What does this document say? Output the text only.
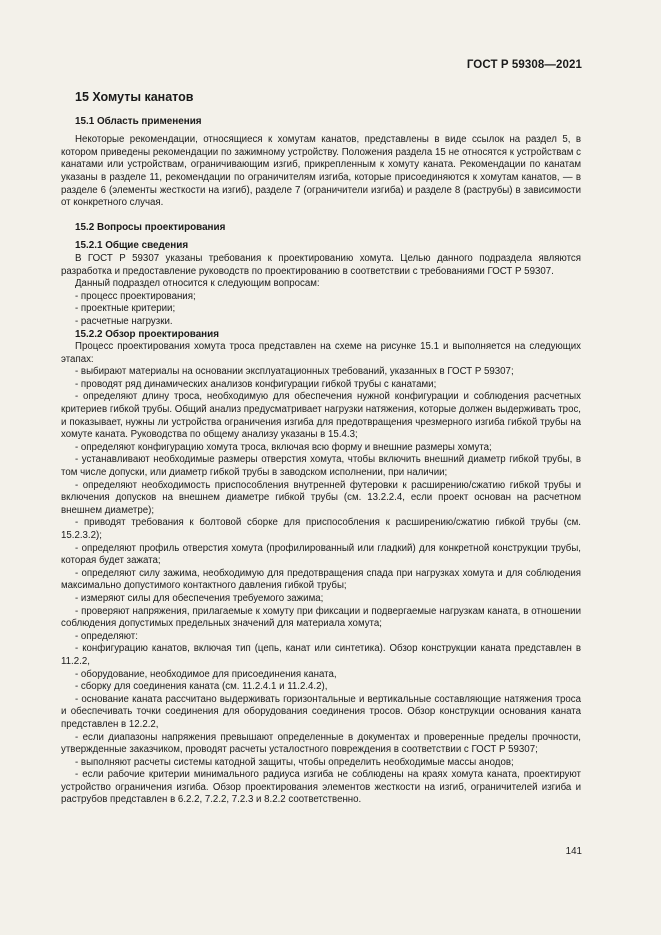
ГОСТ Р 59308—2021
15 Хомуты канатов
15.1 Область применения

Некоторые рекомендации, относящиеся к хомутам канатов, представлены в виде ссылок на раздел 5, в котором приведены рекомендации по зажимному устройству. Положения раздела 15 не относятся к устройствам с канатами или устройствам, ограничивающим изгиб, прикрепленным к хомуту каната. Рекомендации по канатам указаны в разделе 11, рекомендации по ограничителям изгиба, которые присоединяются к хомутам канатов, — в разделе 6 (элементы жесткости на изгиб), разделе 7 (ограничители изгиба) и разделе 8 (раструбы) в зависимости от конкретного случая.

15.2 Вопросы проектирования
15.2.1 Общие сведения

В ГОСТ Р 59307 указаны требования к проектированию хомута. Целью данного подраздела являются разработка и предоставление руководств по проектированию в соответствии с требованиями ГОСТ Р 59307.

Данный подраздел относится к следующим вопросам:

- процесс проектирования;

- проектные критерии;

- расчетные нагрузки.

15.2.2 Обзор проектирования

Процесс проектирования хомута троса представлен на схеме на рисунке 15.1 и выполняется на следующих этапах:

- выбирают материалы на основании эксплуатационных требований, указанных в ГОСТ Р 59307;

- проводят ряд динамических анализов конфигурации гибкой трубы с канатами;

- определяют длину троса, необходимую для обеспечения нужной конфигурации и соблюдения расчетных критериев гибкой трубы. Общий анализ предусматривает нагрузки натяжения, которые должен выдерживать трос, и показывает, нужны ли устройства ограничения изгиба для предотвращения чрезмерного изгиба гибкой трубы на хомуте каната. Руководства по общему анализу указаны в 15.4.3;

- определяют конфигурацию хомута троса, включая всю форму и внешние размеры хомута;

- устанавливают необходимые размеры отверстия хомута, чтобы включить внешний диаметр гибкой трубы, в том числе допуски, или диаметр гибкой трубы в заводском исполнении, при наличии;

- определяют необходимость приспособления внутренней футеровки к расширению/сжатию гибкой трубы и включения допусков на внешнем диаметре гибкой трубы (см. 13.2.2.4, если проект основан на расчетном внешнем диаметре);

- приводят требования к болтовой сборке для приспособления к расширению/сжатию гибкой трубы (см. 15.2.3.2);

- определяют профиль отверстия хомута (профилированный или гладкий) для конкретной конструкции трубы, которая будет зажата;

- определяют силу зажима, необходимую для предотвращения спада при нагрузках хомута и для соблюдения максимально допустимого контактного давления гибкой трубы;

- измеряют силы для обеспечения требуемого зажима;

- проверяют напряжения, прилагаемые к хомуту при фиксации и подвергаемые нагрузкам каната, в отношении соблюдения допустимых предельных значений для материала хомута;

- определяют:

- конфигурацию канатов, включая тип (цепь, канат или синтетика). Обзор конструкции каната представлен в 11.2.2,

- оборудование, необходимое для присоединения каната,

- сборку для соединения каната (см. 11.2.4.1 и 11.2.4.2),

- основание каната рассчитано выдерживать горизонтальные и вертикальные составляющие натяжения троса и обеспечивать точки соединения для оборудования соединения тросов. Обзор конструкции основания каната представлен в 12.2.2,

- если диапазоны напряжения превышают определенные в документах и проверенные пределы прочности, утвержденные заказчиком, проводят расчеты усталостного повреждения в соответствии с ГОСТ Р 59307;

- выполняют расчеты системы катодной защиты, чтобы определить необходимые массы анодов;

- если рабочие критерии минимального радиуса изгиба не соблюдены на краях хомута каната, проектируют устройство ограничения изгиба. Обзор проектирования элементов жесткости на изгиб, ограничителей изгиба и раструбов представлен в 6.2.2, 7.2.2, 7.2.3 и 8.2.2 соответственно.

141
